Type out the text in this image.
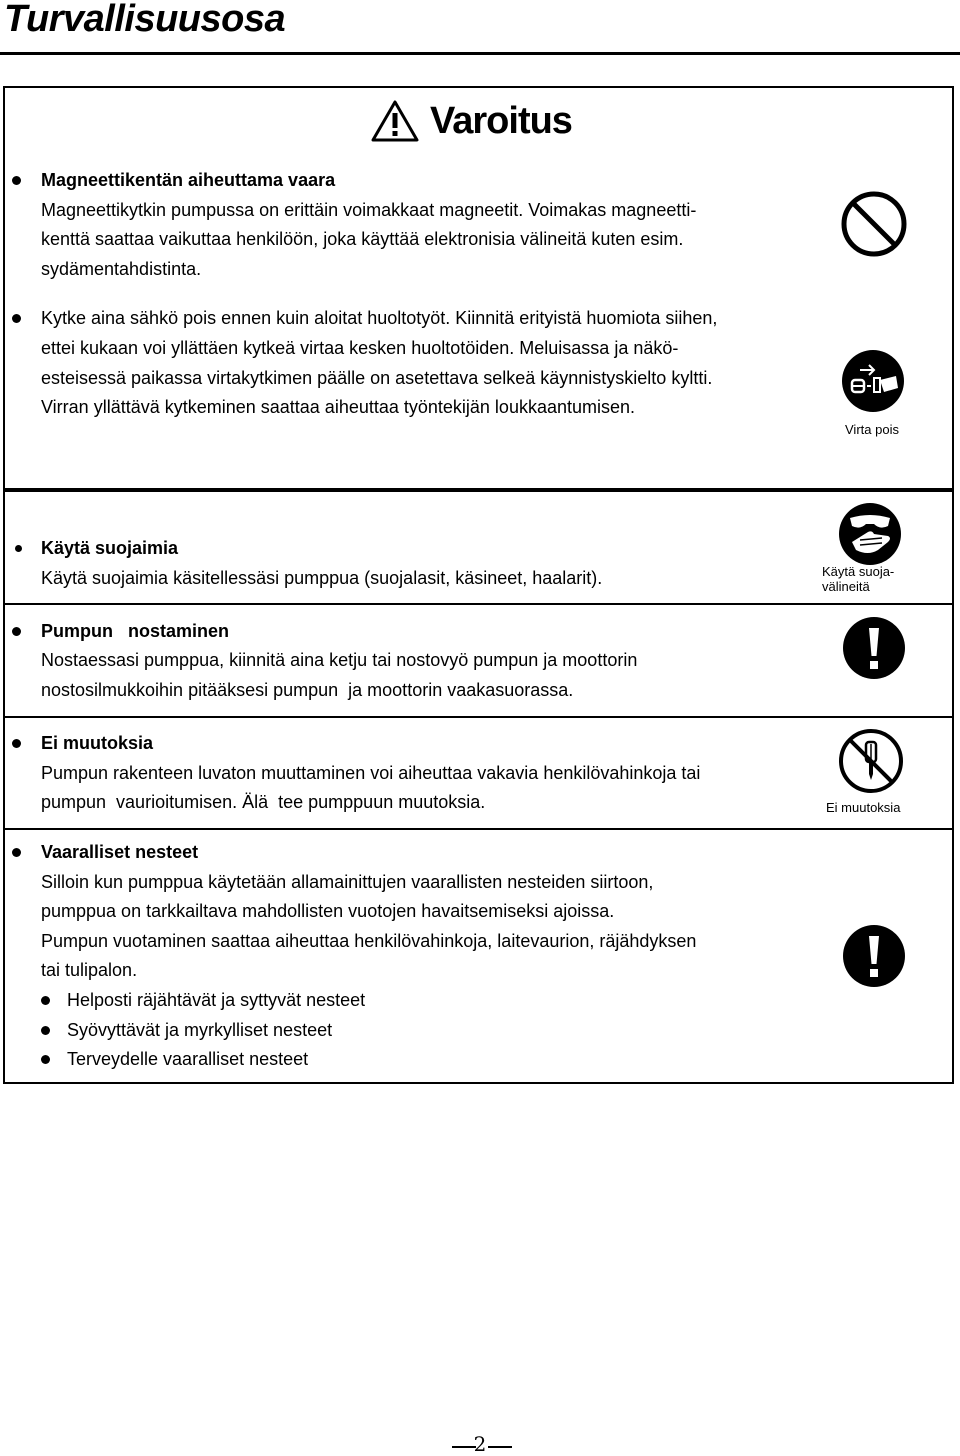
Turvallisuusosa
Varoitus
Magneettikentän aiheuttama vaara
Magneettikytkin pumpussa on erittäin voimakkaat magneetit. Voimakas magneetti-
kenttä saattaa vaikuttaa henkilöön, joka käyttää elektronisia välineitä kuten esim.
sydämentahdistinta.
Kytke aina sähkö pois ennen kuin aloitat huoltotyöt. Kiinnitä erityistä huomiota siihen,
ettei kukaan voi yllättäen kytkeä virtaa kesken huoltotöiden. Meluisassa ja näkö-
esteisessä paikassa virtakytkimen päälle on asetettava selkeä käynnistyskielto kyltti.
Virran yllättävä kytkeminen saattaa aiheuttaa työntekijän loukkaantumisen.
Virta pois
Käytä suojaimia
Käytä suojaimia käsitellessäsi pumppua (suojalasit, käsineet, haalarit).	Käytä suoja-
välineitä
Pumpun   nostaminen
Nostaessasi pumppua, kiinnitä aina ketju tai nostovyö pumpun ja moottorin
nostosilmukkoihin pitääksesi pumpun  ja moottorin vaakasuorassa.
Ei muutoksia
Pumpun rakenteen luvaton muuttaminen voi aiheuttaa vakavia henkilövahinkoja tai
pumpun  vaurioitumisen. Älä  tee pumppuun muutoksia.	Ei muutoksia
Vaaralliset nesteet
Silloin kun pumppua käytetään allamainittujen vaarallisten nesteiden siirtoon,
pumppua on tarkkailtava mahdollisten vuotojen havaitsemiseksi ajoissa.
Pumpun vuotaminen saattaa aiheuttaa henkilövahinkoja, laitevaurion, räjähdyksen
tai tulipalon.
Helposti räjähtävät ja syttyvät nesteet
Syövyttävät ja myrkylliset nesteet
Terveydelle vaaralliset nesteet
2
